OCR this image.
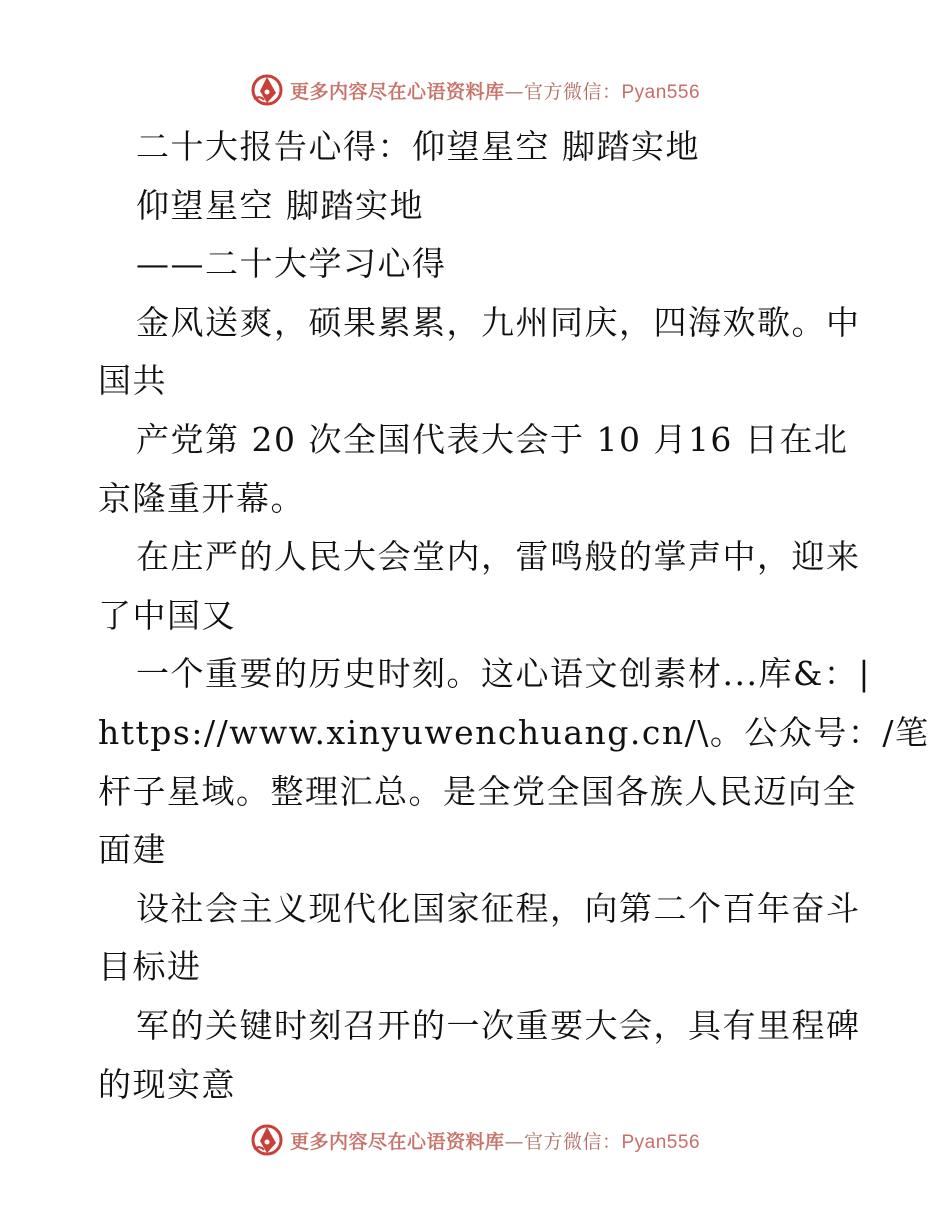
更多内容尽在心语资料库—官方微信：Pyan556
二十大报告心得：仰望星空 脚踏实地
仰望星空 脚踏实地
——二十大学习心得
金风送爽，硕果累累，九州同庆，四海欢歌。中
国共
产党第 20 次全国代表大会于 10 月16 日在北
京隆重开幕。
在庄严的人民大会堂内，雷鸣般的掌声中，迎来
了中国又
一个重要的历史时刻。这心语文创素材...库&：|
https://www.xinyuwenchuang.cn/\。公众号：/笔
杆子星域。整理汇总。是全党全国各族人民迈向全
面建
设社会主义现代化国家征程，向第二个百年奋斗
目标进
军的关键时刻召开的一次重要大会，具有里程碑
的现实意
更多内容尽在心语资料库—官方微信：Pyan556
